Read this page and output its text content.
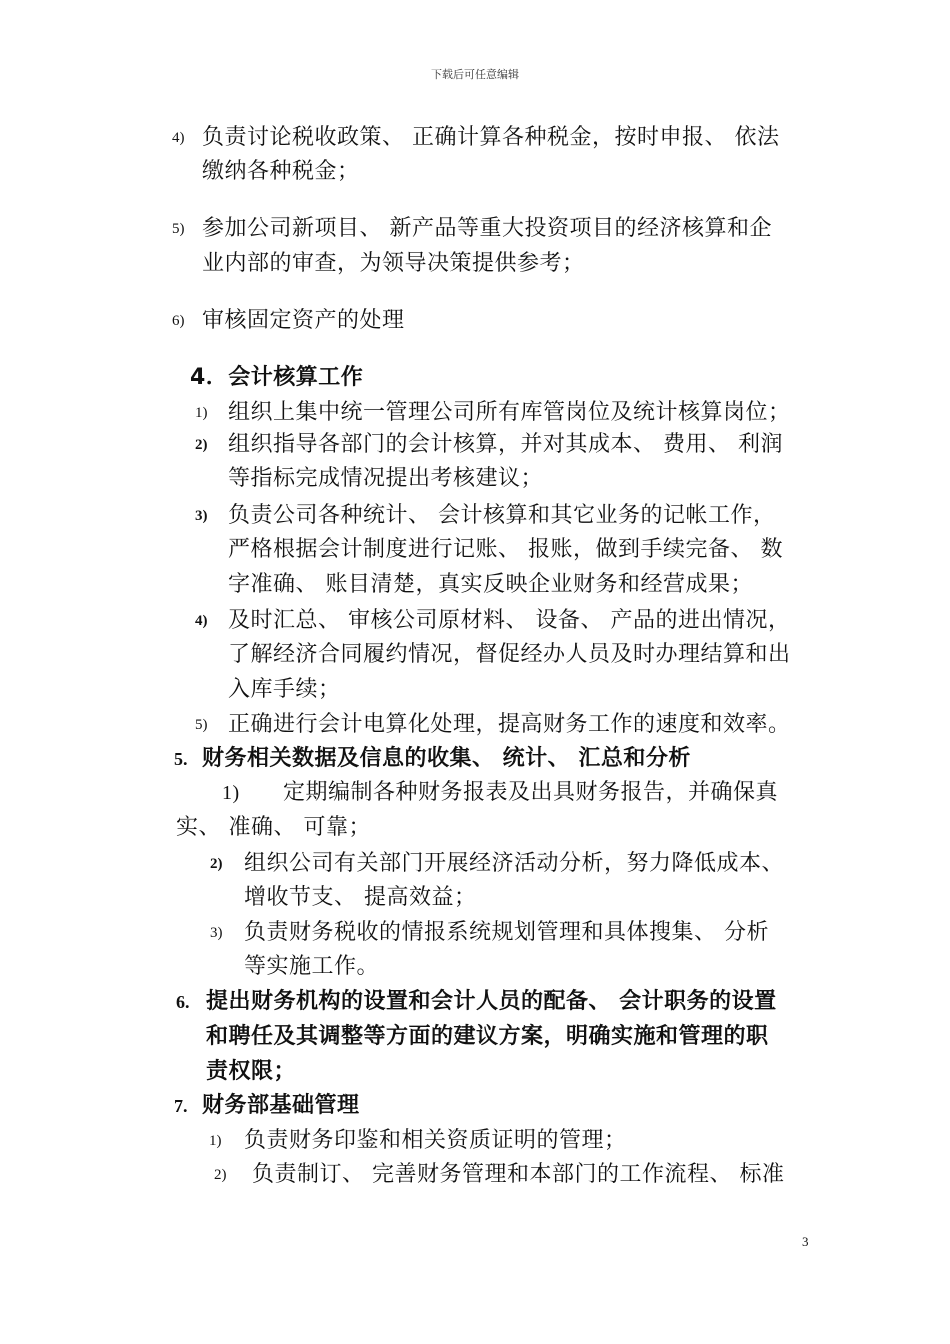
下载后可任意编辑
4) 负责讨论税收政策、 正确计算各种税金，按时申报、 依法
缴纳各种税金；
5) 参加公司新项目、 新产品等重大投资项目的经济核算和企
业内部的审查，为领导决策提供参考；
6) 审核固定资产的处理
4．会计核算工作
1) 组织上集中统一管理公司所有库管岗位及统计核算岗位；
2) 组织指导各部门的会计核算，并对其成本、 费用、 利润
等指标完成情况提出考核建议；
3) 负责公司各种统计、 会计核算和其它业务的记帐工作，
严格根据会计制度进行记账、 报账，做到手续完备、 数
字准确、 账目清楚，真实反映企业财务和经营成果；
4) 及时汇总、 审核公司原材料、 设备、 产品的进出情况，
了解经济合同履约情况，督促经办人员及时办理结算和出
入库手续；
5) 正确进行会计电算化处理，提高财务工作的速度和效率。
5. 财务相关数据及信息的收集、 统计、 汇总和分析
1) 定期编制各种财务报表及出具财务报告，并确保真
实、 准确、 可靠；
2) 组织公司有关部门开展经济活动分析，努力降低成本、
增收节支、 提高效益；
3) 负责财务税收的情报系统规划管理和具体搜集、 分析
等实施工作。
6. 提出财务机构的设置和会计人员的配备、 会计职务的设置
和聘任及其调整等方面的建议方案，明确实施和管理的职
责权限；
7. 财务部基础管理
1) 负责财务印鉴和相关资质证明的管理；
2) 负责制订、 完善财务管理和本部门的工作流程、 标准
3
